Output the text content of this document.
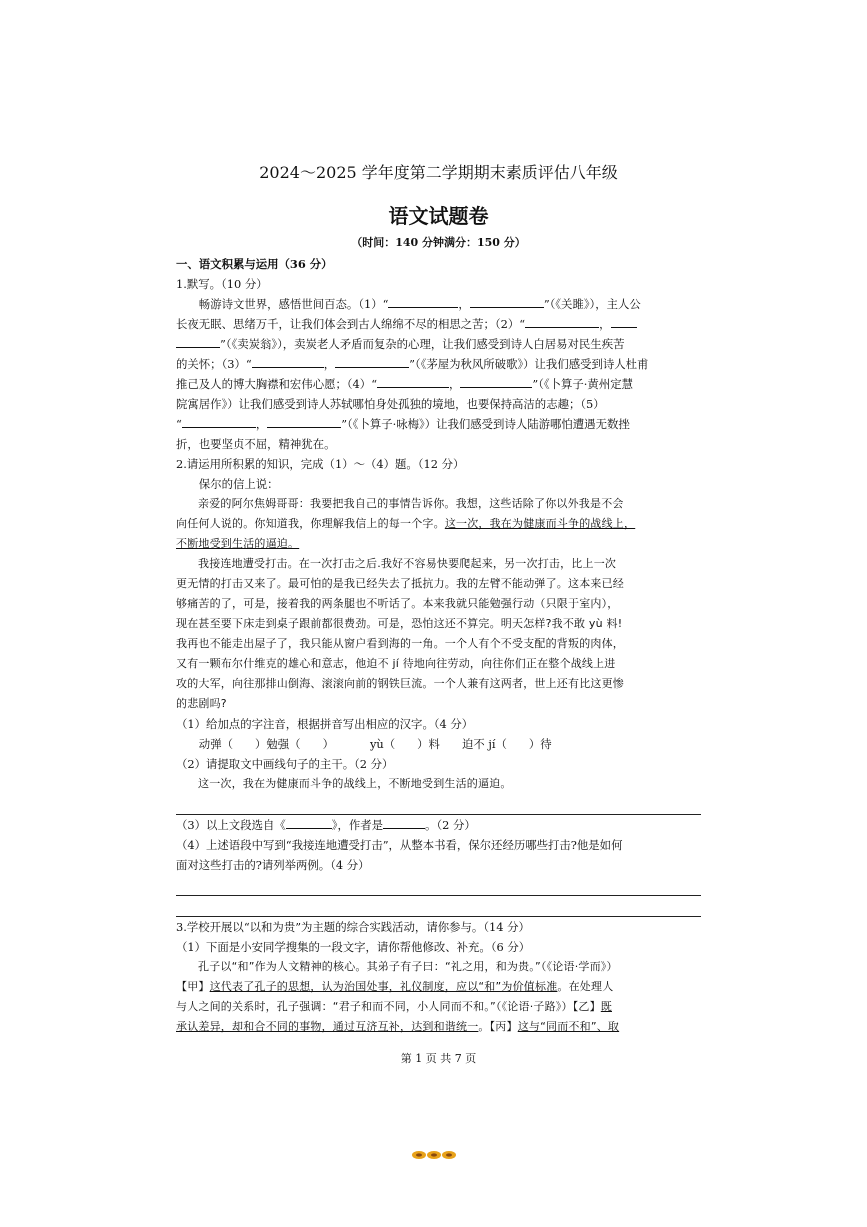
2024～2025 学年度第二学期期末素质评估八年级
语文试题卷
（时间：140 分钟满分：150 分）
一、语文积累与运用（36 分）
1.默写。（10 分）
畅游诗文世界，感悟世间百态。（1）“	，	”（《关雎》），主人公
长夜无眠、思绪万千，让我们体会到古人绵绵不尽的相思之苦；（2）“	，
”（《卖炭翁》），卖炭老人矛盾而复杂的心理，让我们感受到诗人白居易对民生疾苦
的关怀；（3）“	，	”（《茅屋为秋风所破歌》）让我们感受到诗人杜甫
推己及人的博大胸襟和宏伟心愿；（4）“	，	”（《卜算子·黄州定慧
院寓居作》）让我们感受到诗人苏轼哪怕身处孤独的境地，也要保持高洁的志趣；（5）
“	，	”（《卜算子·咏梅》）让我们感受到诗人陆游哪怕遭遇无数挫
折，也要坚贞不屈，精神犹在。
2.请运用所积累的知识，完成（1）～（4）题。（12 分）
保尔的信上说：
亲爱的阿尔焦姆哥哥：我要把我自己的事情告诉你。我想，这些话除了你以外我是不会
向任何人说的。你知道我，你理解我信上的每一个字。这一次，我在为健康而斗争的战线上，
不断地受到生活的逼迫。
我接连地遭受打击。在一次打击之后.我好不容易快要爬起来，另一次打击，比上一次
更无情的打击又来了。最可怕的是我已经失去了抵抗力。我的左臂不能动弹了。这本来已经
够痛苦的了，可是，接着我的两条腿也不听话了。本来我就只能勉强行动（只限于室内），
现在甚至要下床走到桌子跟前都很费劲。可是，恐怕这还不算完。明天怎样?我不敢 yù 料!
我再也不能走出屋子了，我只能从窗户看到海的一角。一个人有个不受支配的背叛的肉体，
又有一颗布尔什维克的雄心和意志，他迫不 jí 待地向往劳动，向往你们正在整个战线上进
攻的大军，向往那排山倒海、滚滚向前的钢铁巨流。一个人兼有这两者，世上还有比这更惨
的悲剧吗?
（1）给加点的字注音，根据拼音写出相应的汉字。（4 分）
动弹（ ）勉强（ ）	yù（ ）料 迫不 jí（ ）待
（2）请提取文中画线句子的主干。（2 分）
这一次，我在为健康而斗争的战线上，不断地受到生活的逼迫。
（3）以上文段选自《	》，作者是	。（2 分）
（4）上述语段中写到“我接连地遭受打击”，从整本书看，保尔还经历哪些打击?他是如何
面对这些打击的?请列举两例。（4 分）
3.学校开展以“以和为贵”为主题的综合实践活动，请你参与。（14 分）
（1）下面是小安同学搜集的一段文字，请你帮他修改、补充。（6 分）
孔子以“和”作为人文精神的核心。其弟子有子曰：“礼之用，和为贵。”（《论语·学而》）
【甲】这代表了孔子的思想，认为治国处事，礼仪制度，应以“和”为价值标准。在处理人
与人之间的关系时，孔子强调：“君子和而不同，小人同而不和。”（《论语·子路》）【乙】既
承认差异，却和合不同的事物，通过互济互补，达到和谐统一。【丙】这与“同而不和”、取
第 1 页 共 7 页
